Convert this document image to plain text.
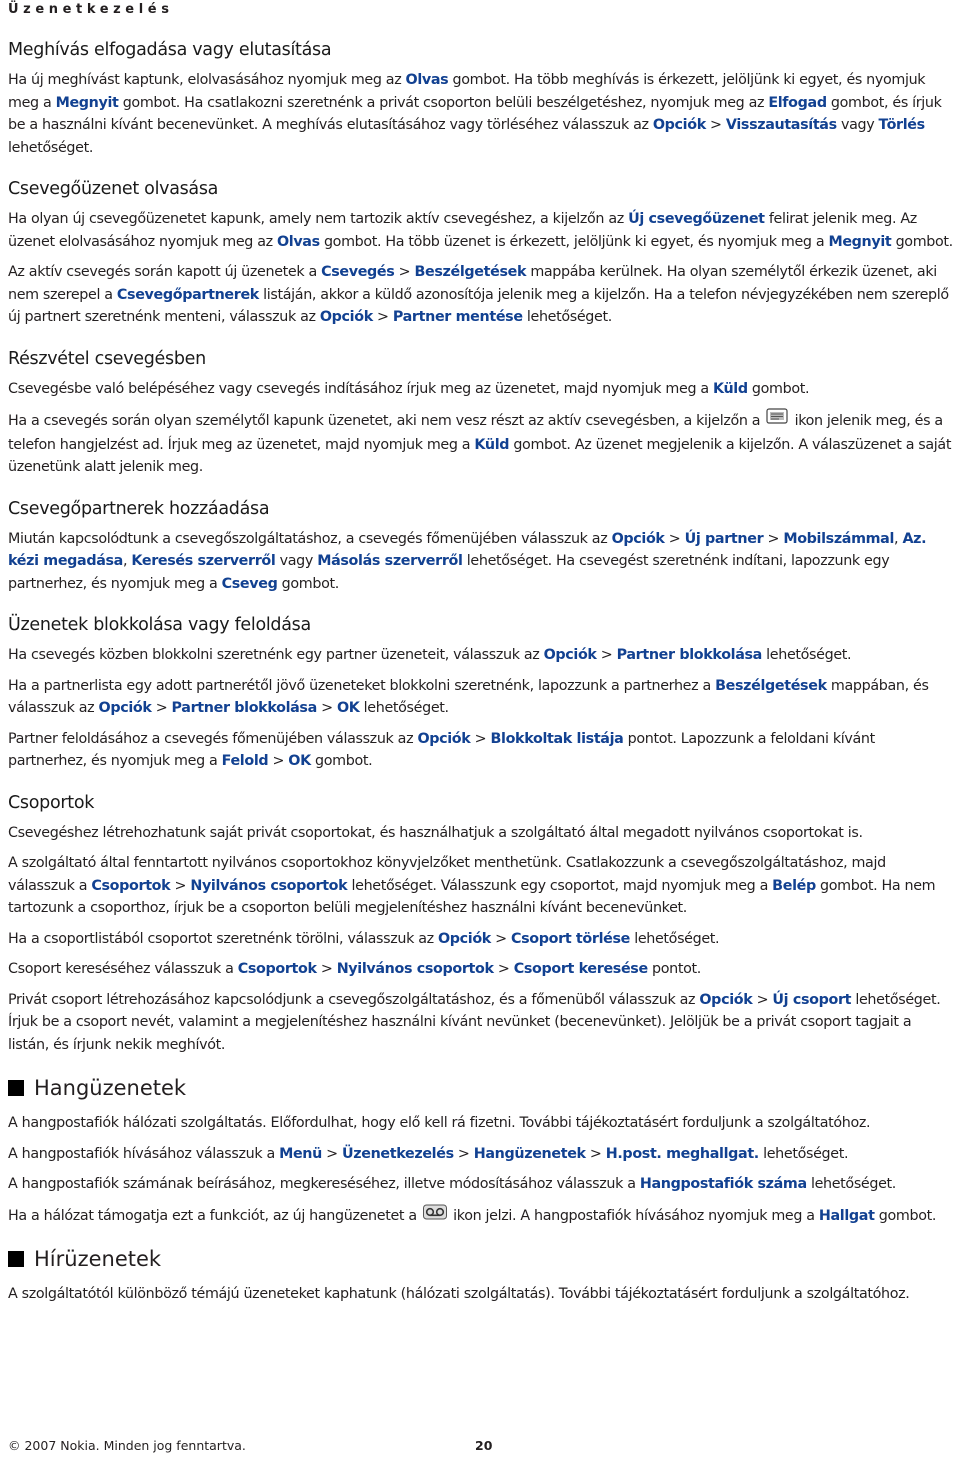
Üzenetkezelés
Meghívás elfogadása vagy elutasítása

Ha új meghívást kaptunk, elolvasásához nyomjuk meg az Olvas gombot. Ha több meghívás is érkezett, jelöljünk ki egyet, és nyomjuk meg a Megnyit gombot. Ha csatlakozni szeretnénk a privát csoporton belüli beszélgetéshez, nyomjuk meg az Elfogad gombot, és írjuk be a használni kívánt becenevünket. A meghívás elutasításához vagy törléséhez válasszuk az Opciók > Visszautasítás vagy Törlés lehetőséget.

Csevegőüzenet olvasása

Ha olyan új csevegőüzenetet kapunk, amely nem tartozik aktív csevegéshez, a kijelzőn az Új csevegőüzenet felirat jelenik meg. Az üzenet elolvasásához nyomjuk meg az Olvas gombot. Ha több üzenet is érkezett, jelöljünk ki egyet, és nyomjuk meg a Megnyit gombot.

Az aktív csevegés során kapott új üzenetek a Csevegés > Beszélgetések mappába kerülnek. Ha olyan személytől érkezik üzenet, aki nem szerepel a Csevegőpartnerek listáján, akkor a küldő azonosítója jelenik meg a kijelzőn. Ha a telefon névjegyzékében nem szereplő új partnert szeretnénk menteni, válasszuk az Opciók > Partner mentése lehetőséget.

Részvétel csevegésben

Csevegésbe való belépéséhez vagy csevegés indításához írjuk meg az üzenetet, majd nyomjuk meg a Küld gombot.

Ha a csevegés során olyan személytől kapunk üzenetet, aki nem vesz részt az aktív csevegésben, a kijelzőn a  ikon jelenik meg, és a telefon hangjelzést ad. Írjuk meg az üzenetet, majd nyomjuk meg a Küld gombot. Az üzenet megjelenik a kijelzőn. A válaszüzenet a saját üzenetünk alatt jelenik meg.

Csevegőpartnerek hozzáadása

Miután kapcsolódtunk a csevegőszolgáltatáshoz, a csevegés főmenüjében válasszuk az Opciók > Új partner > Mobilszámmal, Az. kézi megadása, Keresés szerverről vagy Másolás szerverről lehetőséget. Ha csevegést szeretnénk indítani, lapozzunk egy partnerhez, és nyomjuk meg a Cseveg gombot.

Üzenetek blokkolása vagy feloldása

Ha csevegés közben blokkolni szeretnénk egy partner üzeneteit, válasszuk az Opciók > Partner blokkolása lehetőséget.

Ha a partnerlista egy adott partnerétől jövő üzeneteket blokkolni szeretnénk, lapozzunk a partnerhez a Beszélgetések mappában, és válasszuk az Opciók > Partner blokkolása > OK lehetőséget.

Partner feloldásához a csevegés főmenüjében válasszuk az Opciók > Blokkoltak listája pontot. Lapozzunk a feloldani kívánt partnerhez, és nyomjuk meg a Felold > OK gombot.

Csoportok

Csevegéshez létrehozhatunk saját privát csoportokat, és használhatjuk a szolgáltató által megadott nyilvános csoportokat is.

A szolgáltató által fenntartott nyilvános csoportokhoz könyvjelzőket menthetünk. Csatlakozzunk a csevegőszolgáltatáshoz, majd válasszuk a Csoportok > Nyilvános csoportok lehetőséget. Válasszunk egy csoportot, majd nyomjuk meg a Belép gombot. Ha nem tartozunk a csoporthoz, írjuk be a csoporton belüli megjelenítéshez használni kívánt becenevünket.

Ha a csoportlistából csoportot szeretnénk törölni, válasszuk az Opciók > Csoport törlése lehetőséget.

Csoport kereséséhez válasszuk a Csoportok > Nyilvános csoportok > Csoport keresése pontot.

Privát csoport létrehozásához kapcsolódjunk a csevegőszolgáltatáshoz, és a főmenüből válasszuk az Opciók > Új csoport lehetőséget. Írjuk be a csoport nevét, valamint a megjelenítéshez használni kívánt nevünket (becenevünket). Jelöljük be a privát csoport tagjait a listán, és írjunk nekik meghívót.

Hangüzenetek

A hangpostafiók hálózati szolgáltatás. Előfordulhat, hogy elő kell rá fizetni. További tájékoztatásért forduljunk a szolgáltatóhoz.

A hangpostafiók hívásához válasszuk a Menü > Üzenetkezelés > Hangüzenetek > H.post. meghallgat. lehetőséget.

A hangpostafiók számának beírásához, megkereséséhez, illetve módosításához válasszuk a Hangpostafiók száma lehetőséget.

Ha a hálózat támogatja ezt a funkciót, az új hangüzenetet a  ikon jelzi. A hangpostafiók hívásához nyomjuk meg a Hallgat gombot.

Hírüzenetek

A szolgáltatótól különböző témájú üzeneteket kaphatunk (hálózati szolgáltatás). További tájékoztatásért forduljunk a szolgáltatóhoz.

© 2007 Nokia. Minden jog fenntartva.	20
